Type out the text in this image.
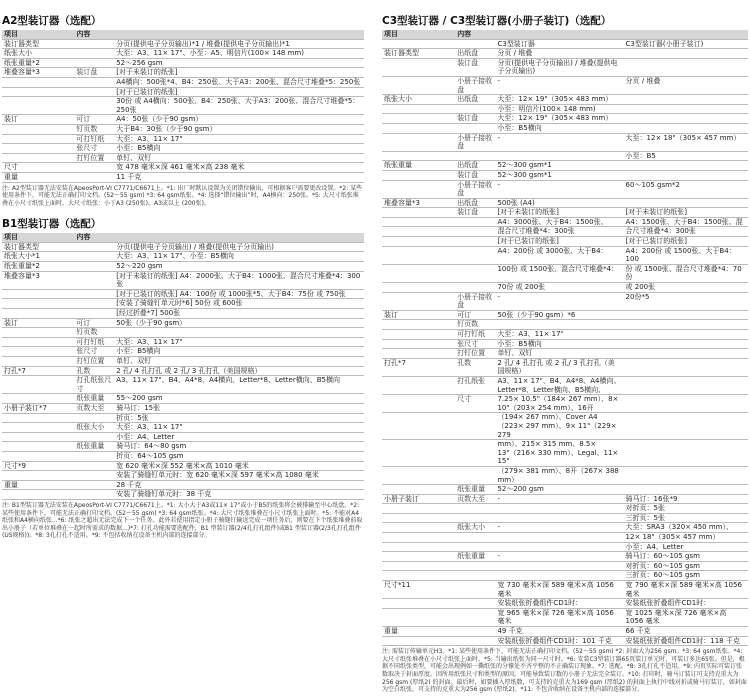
A2型装订器（选配）
项目	内容	
装订器类型		分页(提供电子分页输出)*1 / 堆叠(提供电子分页输出)*1
纸张大小		大至：A3、11× 17"、小至：A5、明信片(100× 148 mm)
纸张重量*2		52～256 gsm
堆叠容量*3	装订盘	[对于未装订的纸张]
		A4横向：500张*4、B4：250张、大于A3：200张、混合尺寸堆叠*5：250张
		[对于已装订的纸张]
		30份 或 A4横向：500张、B4：250张、大于A3：200张、混合尺寸堆叠*5：250张
装订	可订	A4：50张（少于90 gsm）
	钉页数	大于B4：30张（少于90 gsm）
	可打钉纸	大至：A3、11× 17"
	张尺寸	小至：B5横向
	打钉位置	单钉、双钉
尺寸		宽 478 毫米×深 461 毫米×高 238 毫米
重量		11 千克
注: A2型装订器无法安装在ApeosPort-VI C7771/C6671上。*1: 出厂时默认设置为关闭错位输出，可根据客户需要更改设置。*2: 某些使用条件下，可能无法正确打印文档。(52～55 gsm) *3: 64 gsm纸张。*4: 选择“错位输出”时，A4横向：250张。*5: 大尺寸纸张堆叠在小尺寸纸张上面时，大尺寸纸张：小于A3 (250张)，A3或以上 (200张)。
B1型装订器（选配）
项目	内容	
装订器类型		分页(提供电子分页输出) / 堆叠(提供电子分页输出)
纸张大小*1		大至：A3、11× 17"、小至：B5横向
纸张重量*2		52～220 gsm
堆叠容量*3		[对于未装订的纸张] A4：2000张、大于B4：1000张、混合尺寸堆叠*4：300张
		[对于已装订的纸张] A4：100份 或 1000张*5、大于B4：75份 或 750张
		[安装了骑缝钉单元时*6] 50份 或 600张
		[经过折叠*7] 500张
装订	可订	50张（少于90 gsm）
	钉页数	
	可打钉纸	大至：A3、11× 17"
	张尺寸	小至：B5横向
	打钉位置	单钉、双钉
打孔*7	孔数	2 孔/ 4 孔打孔 或 2 孔/ 3 孔打孔（美国规格）
	打孔纸张尺寸	A3、11× 17"、B4、A4*8、A4横向、Letter*8、Letter横向、B5横向
	纸张重量	55～200 gsm
小册子装订*7	页数大至	骑马订：15张
		折页：5张
	纸张大小	大至：A3、11× 17"
		小至：A4、Letter
	纸张重量	骑马订：64～80 gsm
		折页：64～105 gsm
尺寸*9		宽 620 毫米×深 552 毫米×高 1010 毫米
		安装了骑缝钉单元时：宽 620 毫米×深 597 毫米×高 1080 毫米
重量		28 千克
		安装了骑缝钉单元时：38 千克
注: B1型装订器无法安装在ApeosPort-VI C7771/C6671上。*1: 大小大于A3或11× 17"或小于B5的纸张将会被排输至中心纸盘。*2: 某些使用条件下，可能无法正确打印文档。(52～55 gsm) *3: 64 gsm纸张。*4: 大尺寸纸张堆叠在小尺寸纸张上面时。*5: 不能对A4纸张和A4横向纸张...*6: 纸张之超出无法完成下一个任务。此外若使用指定小册子骑缝钉输送完成一项任务后，则要在下个纸张堆叠前取出小册子（若单位堆叠在一起时所需求的数据...)*7: 打孔功能需要选配件，B1 型装订器(2/4孔打孔组件)或B1 型装订器(2/3孔打孔组件(US规格))。*8: 3孔打孔不适用。*9: 不包括收纳在设备主机内部的连接部分。
C3型装订器 / C3型装订器(小册子装订)（选配）
项目	内容		
		C3型装订器	C3型装订器(小册子装订)
装订器类型	出纸盘	分页 / 堆叠	
	装订盘	分页(提供电子分页输出) / 堆叠(提供电子分页输出)	
	小册子接收盘	-	分页 / 堆叠
纸张大小	出纸盘	大至：12× 19"（305× 483 mm）	
		小至：明信片(100× 148 mm)	
	装订盘	大至：12× 19"（305× 483 mm）	
		小至：B5横向	
	小册子接收盘	-	大至：12× 18"（305× 457 mm）
			小至：B5
纸张重量	出纸盘	52～300 gsm*1	
	装订盘	52～300 gsm*1	
	小册子接收盘	-	60～105 gsm*2
堆叠容量*3	出纸盘	500张 (A4)	
	装订盘	[对于未装订的纸张]	[对于未装订的纸张]
		A4：3000张、大于B4：1500张、	A4：1500张、大于B4：1500张、混
		混合尺寸堆叠*4：300张	合尺寸堆叠*4：300张
		[对于已装订的纸张]	[对于已装订的纸张]
		A4：200份 或 3000张、大于B4：	A4：200份 或 1500张、大于B4：100
		100份 或 1500张、混合尺寸堆叠*4：	份 或 1500张、混合尺寸堆叠*4：70份
		70份 或 200张	或 200张
	小册子接收盘	-	20份*5
装订	可订	50张（少于90 gsm）*6	
	钉页数		
	可打钉纸	大至：A3、11× 17"	
	张尺寸	小至：B5横向	
	打钉位置	单钉、双钉	
打孔*7	孔数	2 孔/ 4 孔打孔 或 2 孔/ 3 孔打孔（美国规格）	
	打孔纸张	A3、11× 17"、B4、A4*8、A4横向、Letter*8、Letter横向、B5横向、	
	尺寸	7.25× 10.5"（184× 267 mm）、8× 10"（203× 254 mm）、16开	
		（194× 267 mm）、Cover A4（223× 297 mm）、9× 11"（229× 279	
		mm）、215× 315 mm、8.5× 13"（216× 330 mm）、Legal、11× 15"	
		（279× 381 mm）、8开（267× 388 mm）	
	纸张重量	52～200 gsm	
小册子装订	页数大至	-	骑马订：16张*9
			对折页：5张
			三折页：5张
	纸张大小	-	大至：SRA3（320× 450 mm）、
			12× 18"（305× 457 mm）
			小至：A4、Letter
	纸张重量	-	骑马订：60～105 gsm
			对折页：60～105 gsm
			三折页：60～105 gsm
尺寸*11		宽 730 毫米×深 589 毫米×高 1056 毫米	宽 790 毫米×深 589 毫米×高 1056 毫米
		安装纸张折叠组件CD1时：	安装纸张折叠组件CD1时：
		宽 965 毫米×深 726 毫米×高 1056 毫米	宽 1025 毫米×深 726 毫米×高 1056 毫米
重量		49 千克	66 千克
		安装纸张折叠组件CD1时：101 千克	安装纸张折叠组件CD1时：118 千克
注: 需装订传输单元H3。*1: 某些使用条件下，可能无法正确打印文档。(52～55 gsm) *2: 封面大为256 gsm。*3: 64 gsm纸张。*4: 大尺寸纸张堆叠在小尺寸纸张上面时。*5: 当输出纸张为同一尺寸时。*6: 安装C3型装订器65页装订单元时，可装订多达65张。但是，根据不同纸张类型，可能会出现例如一撕纸张的分撑处不齐平整的不正确装订现象。*7: 选配。*8: 3孔打孔不适用。*9: 内页实际可装订张数取决于封面厚度。因所用纸张尺寸和类型的原因，可能导致装订数的小册子无法完全装订。*10: 打印时，骑马订装订可支持克重大为256 gsm (厚纸2) 的封面。最后时，如要插入厚纸数，可支持的克重大为169 gsm (厚纸2) 的封面上执行中线对折或骑马钉装订，如封面为空白纸张，可支持的克重大为256 gsm (厚纸2)。*11: 不包含收纳在设备主机内部的连接部分。
